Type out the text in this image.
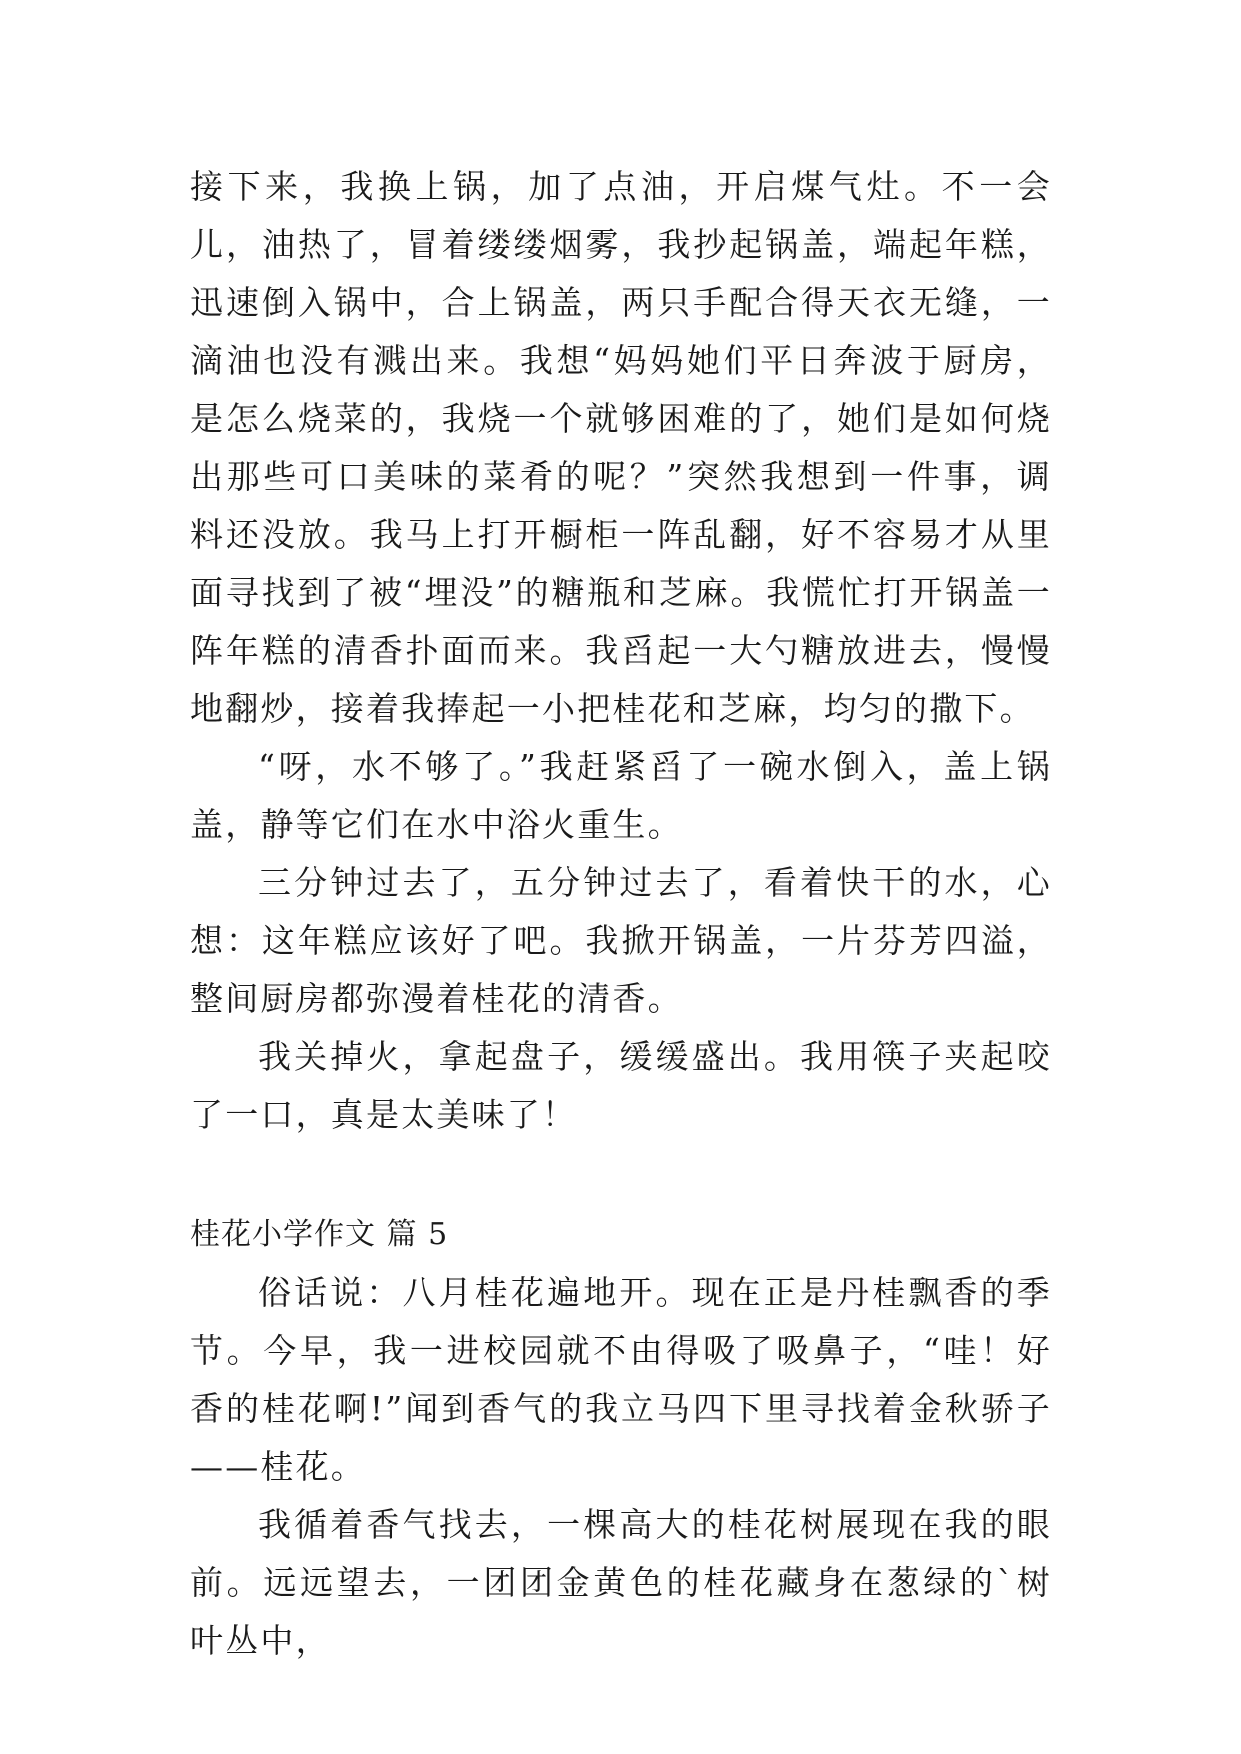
接下来，我换上锅，加了点油，开启煤气灶。不一会儿，油热了，冒着缕缕烟雾，我抄起锅盖，端起年糕，迅速倒入锅中，合上锅盖，两只手配合得天衣无缝，一滴油也没有溅出来。我想“妈妈她们平日奔波于厨房，是怎么烧菜的，我烧一个就够困难的了，她们是如何烧出那些可口美味的菜肴的呢？”突然我想到一件事，调料还没放。我马上打开橱柜一阵乱翻，好不容易才从里面寻找到了被“埋没”的糖瓶和芝麻。我慌忙打开锅盖一阵年糕的清香扑面而来。我舀起一大勺糖放进去，慢慢地翻炒，接着我捧起一小把桂花和芝麻，均匀的撒下。

“呀，水不够了。”我赶紧舀了一碗水倒入，盖上锅盖，静等它们在水中浴火重生。

三分钟过去了，五分钟过去了，看着快干的水，心想：这年糕应该好了吧。我掀开锅盖，一片芬芳四溢，整间厨房都弥漫着桂花的清香。

我关掉火，拿起盘子，缓缓盛出。我用筷子夹起咬了一口，真是太美味了！

桂花小学作文 篇 5

俗话说：八月桂花遍地开。现在正是丹桂飘香的季节。今早，我一进校园就不由得吸了吸鼻子，“哇！好香的桂花啊!”闻到香气的我立马四下里寻找着金秋骄子——桂花。

我循着香气找去，一棵高大的桂花树展现在我的眼前。远远望去，一团团金黄色的桂花藏身在葱绿的`树叶丛中，
